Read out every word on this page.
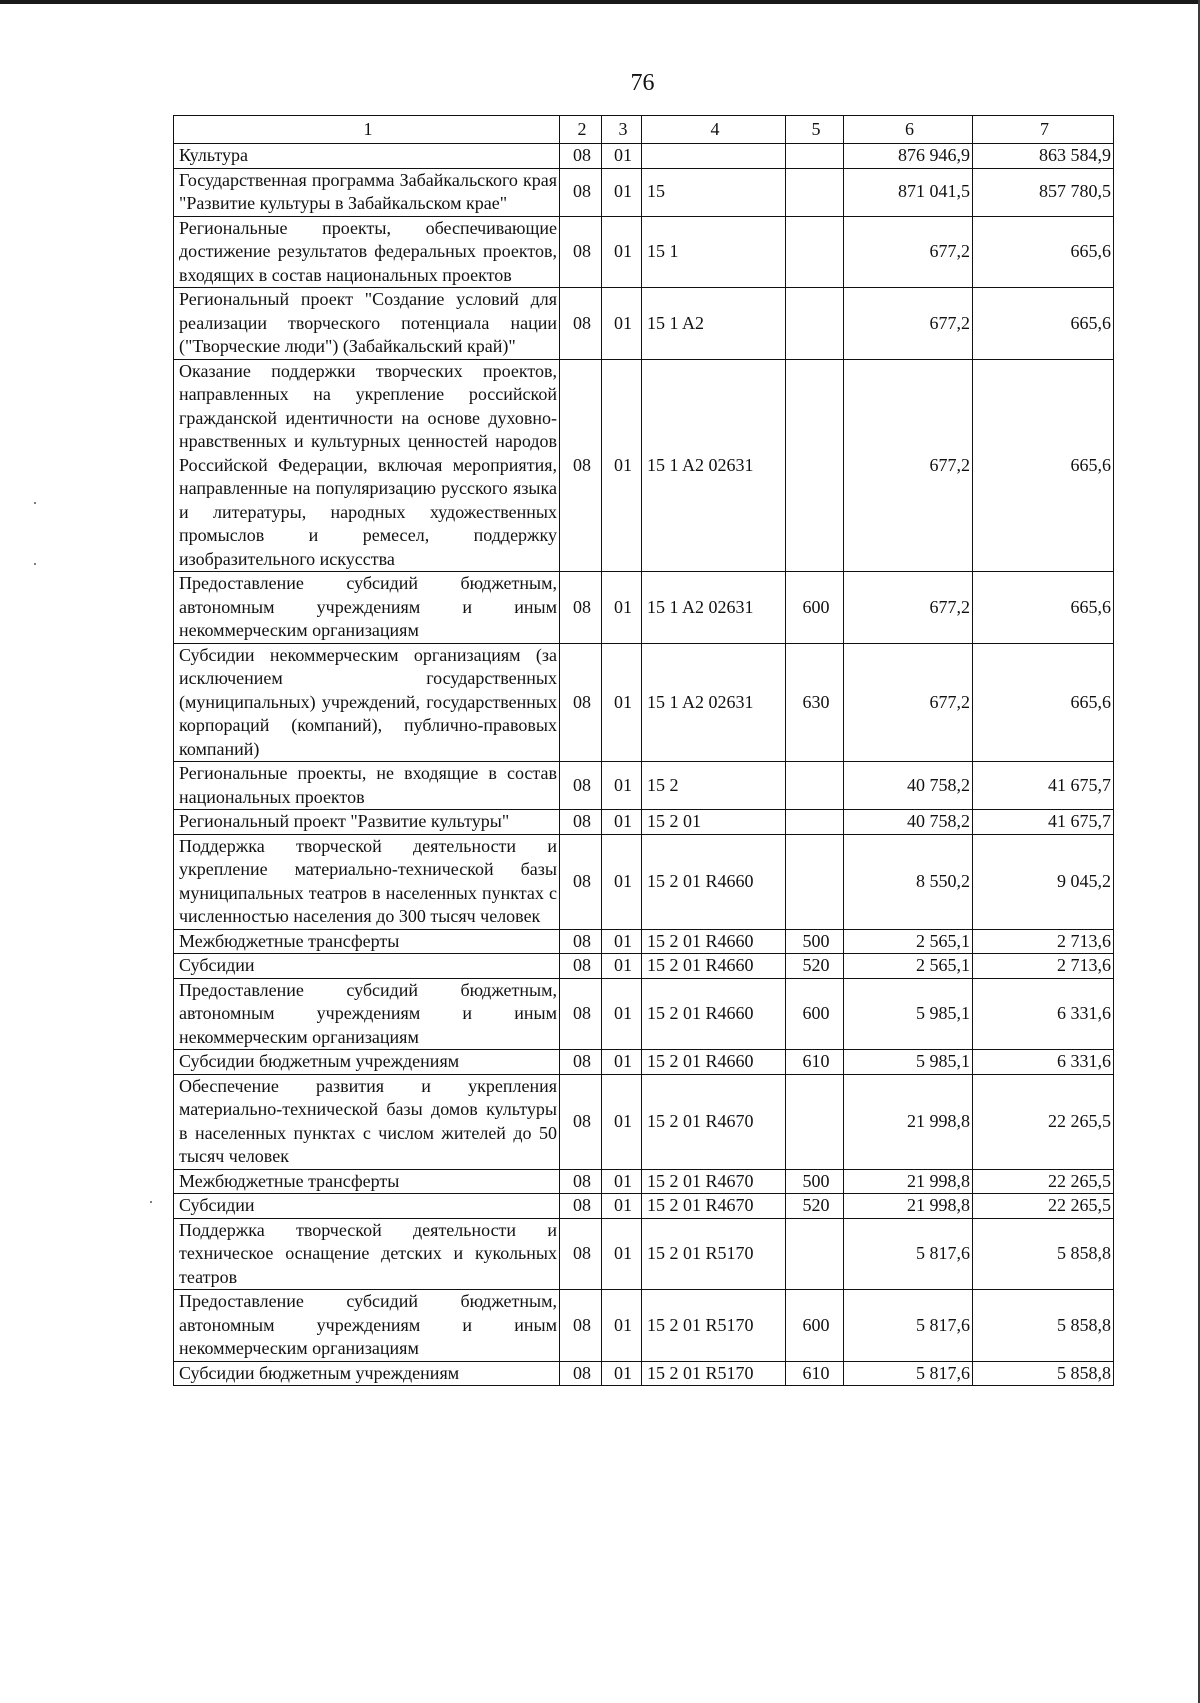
76
1	2	3	4	5	6	7
Культура	08	01			876 946,9	863 584,9
Государственная программа Забайкальского края "Развитие культуры в Забайкальском крае"	08	01	15		871 041,5	857 780,5
Региональные проекты, обеспечивающие достижение результатов федеральных проектов, входящих в состав национальных проектов	08	01	15 1		677,2	665,6
Региональный проект "Создание условий для реализации творческого потенциала нации ("Творческие люди") (Забайкальский край)"	08	01	15 1 A2		677,2	665,6
Оказание поддержки творческих проектов, направленных на укрепление российской гражданской идентичности на основе духовно-нравственных и культурных ценностей народов Российской Федерации, включая мероприятия, направленные на популяризацию русского языка и литературы, народных художественных промыслов и ремесел, поддержку изобразительного искусства	08	01	15 1 A2 02631		677,2	665,6
Предоставление субсидий бюджетным, автономным учреждениям и иным некоммерческим организациям	08	01	15 1 A2 02631	600	677,2	665,6
Субсидии некоммерческим организациям (за исключением государственных (муниципальных) учреждений, государственных корпораций (компаний), публично-правовых компаний)	08	01	15 1 A2 02631	630	677,2	665,6
Региональные проекты, не входящие в состав национальных проектов	08	01	15 2		40 758,2	41 675,7
Региональный проект "Развитие культуры"	08	01	15 2 01		40 758,2	41 675,7
Поддержка творческой деятельности и укрепление материально-технической базы муниципальных театров в населенных пунктах с численностью населения до 300 тысяч человек	08	01	15 2 01 R4660		8 550,2	9 045,2
Межбюджетные трансферты	08	01	15 2 01 R4660	500	2 565,1	2 713,6
Субсидии	08	01	15 2 01 R4660	520	2 565,1	2 713,6
Предоставление субсидий бюджетным, автономным учреждениям и иным некоммерческим организациям	08	01	15 2 01 R4660	600	5 985,1	6 331,6
Субсидии бюджетным учреждениям	08	01	15 2 01 R4660	610	5 985,1	6 331,6
Обеспечение развития и укрепления материально-технической базы домов культуры в населенных пунктах с числом жителей до 50 тысяч человек	08	01	15 2 01 R4670		21 998,8	22 265,5
Межбюджетные трансферты	08	01	15 2 01 R4670	500	21 998,8	22 265,5
Субсидии	08	01	15 2 01 R4670	520	21 998,8	22 265,5
Поддержка творческой деятельности и техническое оснащение детских и кукольных театров	08	01	15 2 01 R5170		5 817,6	5 858,8
Предоставление субсидий бюджетным, автономным учреждениям и иным некоммерческим организациям	08	01	15 2 01 R5170	600	5 817,6	5 858,8
Субсидии бюджетным учреждениям	08	01	15 2 01 R5170	610	5 817,6	5 858,8
